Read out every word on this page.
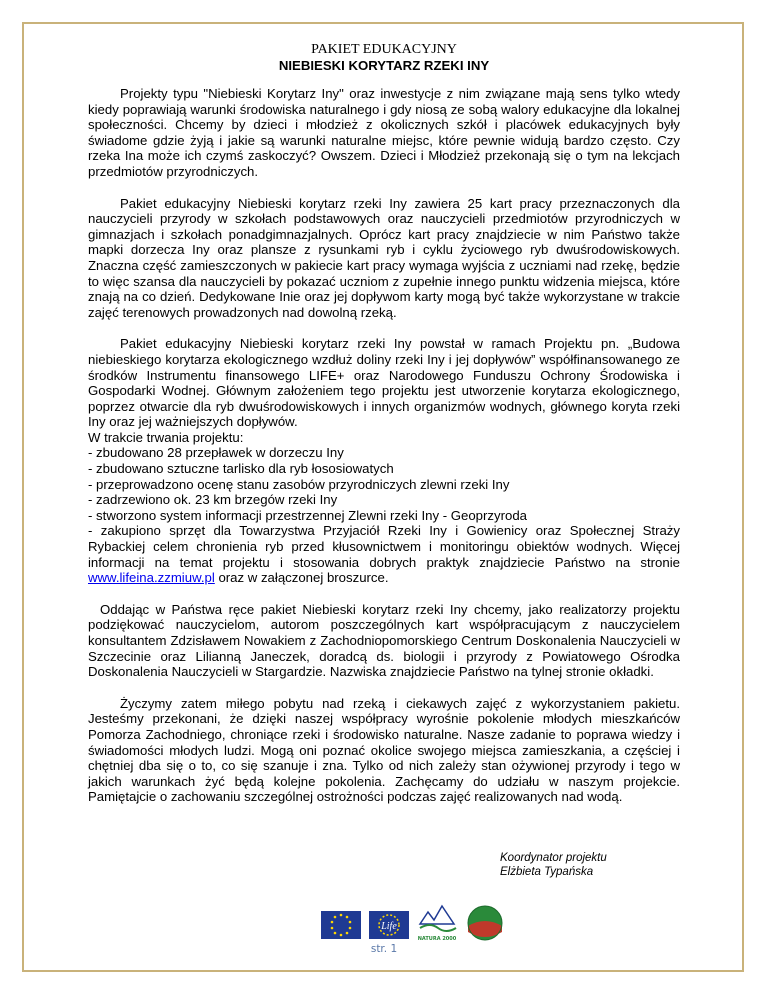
PAKIET EDUKACYJNY
NIEBIESKI KORYTARZ RZEKI INY

Projekty typu "Niebieski Korytarz Iny" oraz inwestycje z nim związane mają sens tylko wtedy kiedy poprawiają warunki środowiska naturalnego i gdy niosą ze sobą walory edukacyjne dla lokalnej społeczności. Chcemy by dzieci i młodzież z okolicznych szkół i placówek edukacyjnych były świadome gdzie żyją i jakie są warunki naturalne miejsc, które pewnie widują bardzo często. Czy rzeka Ina może ich czymś zaskoczyć? Owszem. Dzieci i Młodzież przekonają się o tym na lekcjach przedmiotów przyrodniczych.

Pakiet edukacyjny Niebieski korytarz rzeki Iny zawiera 25 kart pracy przeznaczonych dla nauczycieli przyrody w szkołach podstawowych oraz nauczycieli przedmiotów przyrodniczych w gimnazjach i szkołach ponadgimnazjalnych. Oprócz kart pracy znajdziecie w nim Państwo także mapki dorzecza Iny oraz plansze z rysunkami ryb i cyklu życiowego ryb dwuśrodowiskowych. Znaczna część zamieszczonych w pakiecie kart pracy wymaga wyjścia z uczniami nad rzekę, będzie to więc szansa dla nauczycieli by pokazać uczniom z zupełnie innego punktu widzenia miejsca, które znają na co dzień. Dedykowane Inie oraz jej dopływom karty mogą być także wykorzystane w trakcie zajęć terenowych prowadzonych nad dowolną rzeką.

Pakiet edukacyjny Niebieski korytarz rzeki Iny powstał w ramach Projektu pn. „Budowa niebieskiego korytarza ekologicznego wzdłuż doliny rzeki Iny i jej dopływów” współfinansowanego ze środków Instrumentu finansowego LIFE+ oraz Narodowego Funduszu Ochrony Środowiska i Gospodarki Wodnej. Głównym założeniem tego projektu jest utworzenie korytarza ekologicznego, poprzez otwarcie dla ryb dwuśrodowiskowych i innych organizmów wodnych, głównego koryta rzeki Iny oraz jej ważniejszych dopływów.

W trakcie trwania projektu:
- zbudowano 28 przepławek w dorzeczu Iny
- zbudowano sztuczne tarlisko dla ryb łososiowatych
- przeprowadzono ocenę stanu zasobów przyrodniczych zlewni rzeki Iny
- zadrzewiono ok. 23 km brzegów rzeki Iny
- stworzono system informacji przestrzennej Zlewni rzeki Iny - Geoprzyroda

- zakupiono sprzęt dla Towarzystwa Przyjaciół Rzeki Iny i Gowienicy oraz Społecznej Straży Rybackiej celem chronienia ryb przed kłusownictwem i monitoringu obiektów wodnych. Więcej informacji na temat projektu i stosowania dobrych praktyk znajdziecie Państwo na stronie www.lifeina.zzmiuw.pl oraz w załączonej broszurce.

Oddając w Państwa ręce pakiet Niebieski korytarz rzeki Iny chcemy, jako realizatorzy projektu podziękować nauczycielom, autorom poszczególnych kart współpracującym z nauczycielem konsultantem Zdzisławem Nowakiem z Zachodniopomorskiego Centrum Doskonalenia Nauczycieli w Szczecinie oraz Lilianną Janeczek, doradcą ds. biologii i przyrody z Powiatowego Ośrodka Doskonalenia Nauczycieli w Stargardzie. Nazwiska znajdziecie Państwo na tylnej stronie okładki.

Życzymy zatem miłego pobytu nad rzeką i ciekawych zajęć z wykorzystaniem pakietu. Jesteśmy przekonani, że dzięki naszej współpracy wyrośnie pokolenie młodych mieszkańców Pomorza Zachodniego, chroniące rzeki i środowisko naturalne. Nasze zadanie to poprawa wiedzy i świadomości młodych ludzi. Mogą oni poznać okolice swojego miejsca zamieszkania, a częściej i chętniej dba się o to, co się szanuje i zna. Tylko od nich zależy stan ożywionej przyrody i tego w jakich warunkach żyć będą kolejne pokolenia. Zachęcamy do udziału w naszym projekcie. Pamiętajcie o zachowaniu szczególnej ostrożności podczas zajęć realizowanych nad wodą.

Koordynator projektu
Elżbieta Typańska
Life
NATURA 2000
str. 1
